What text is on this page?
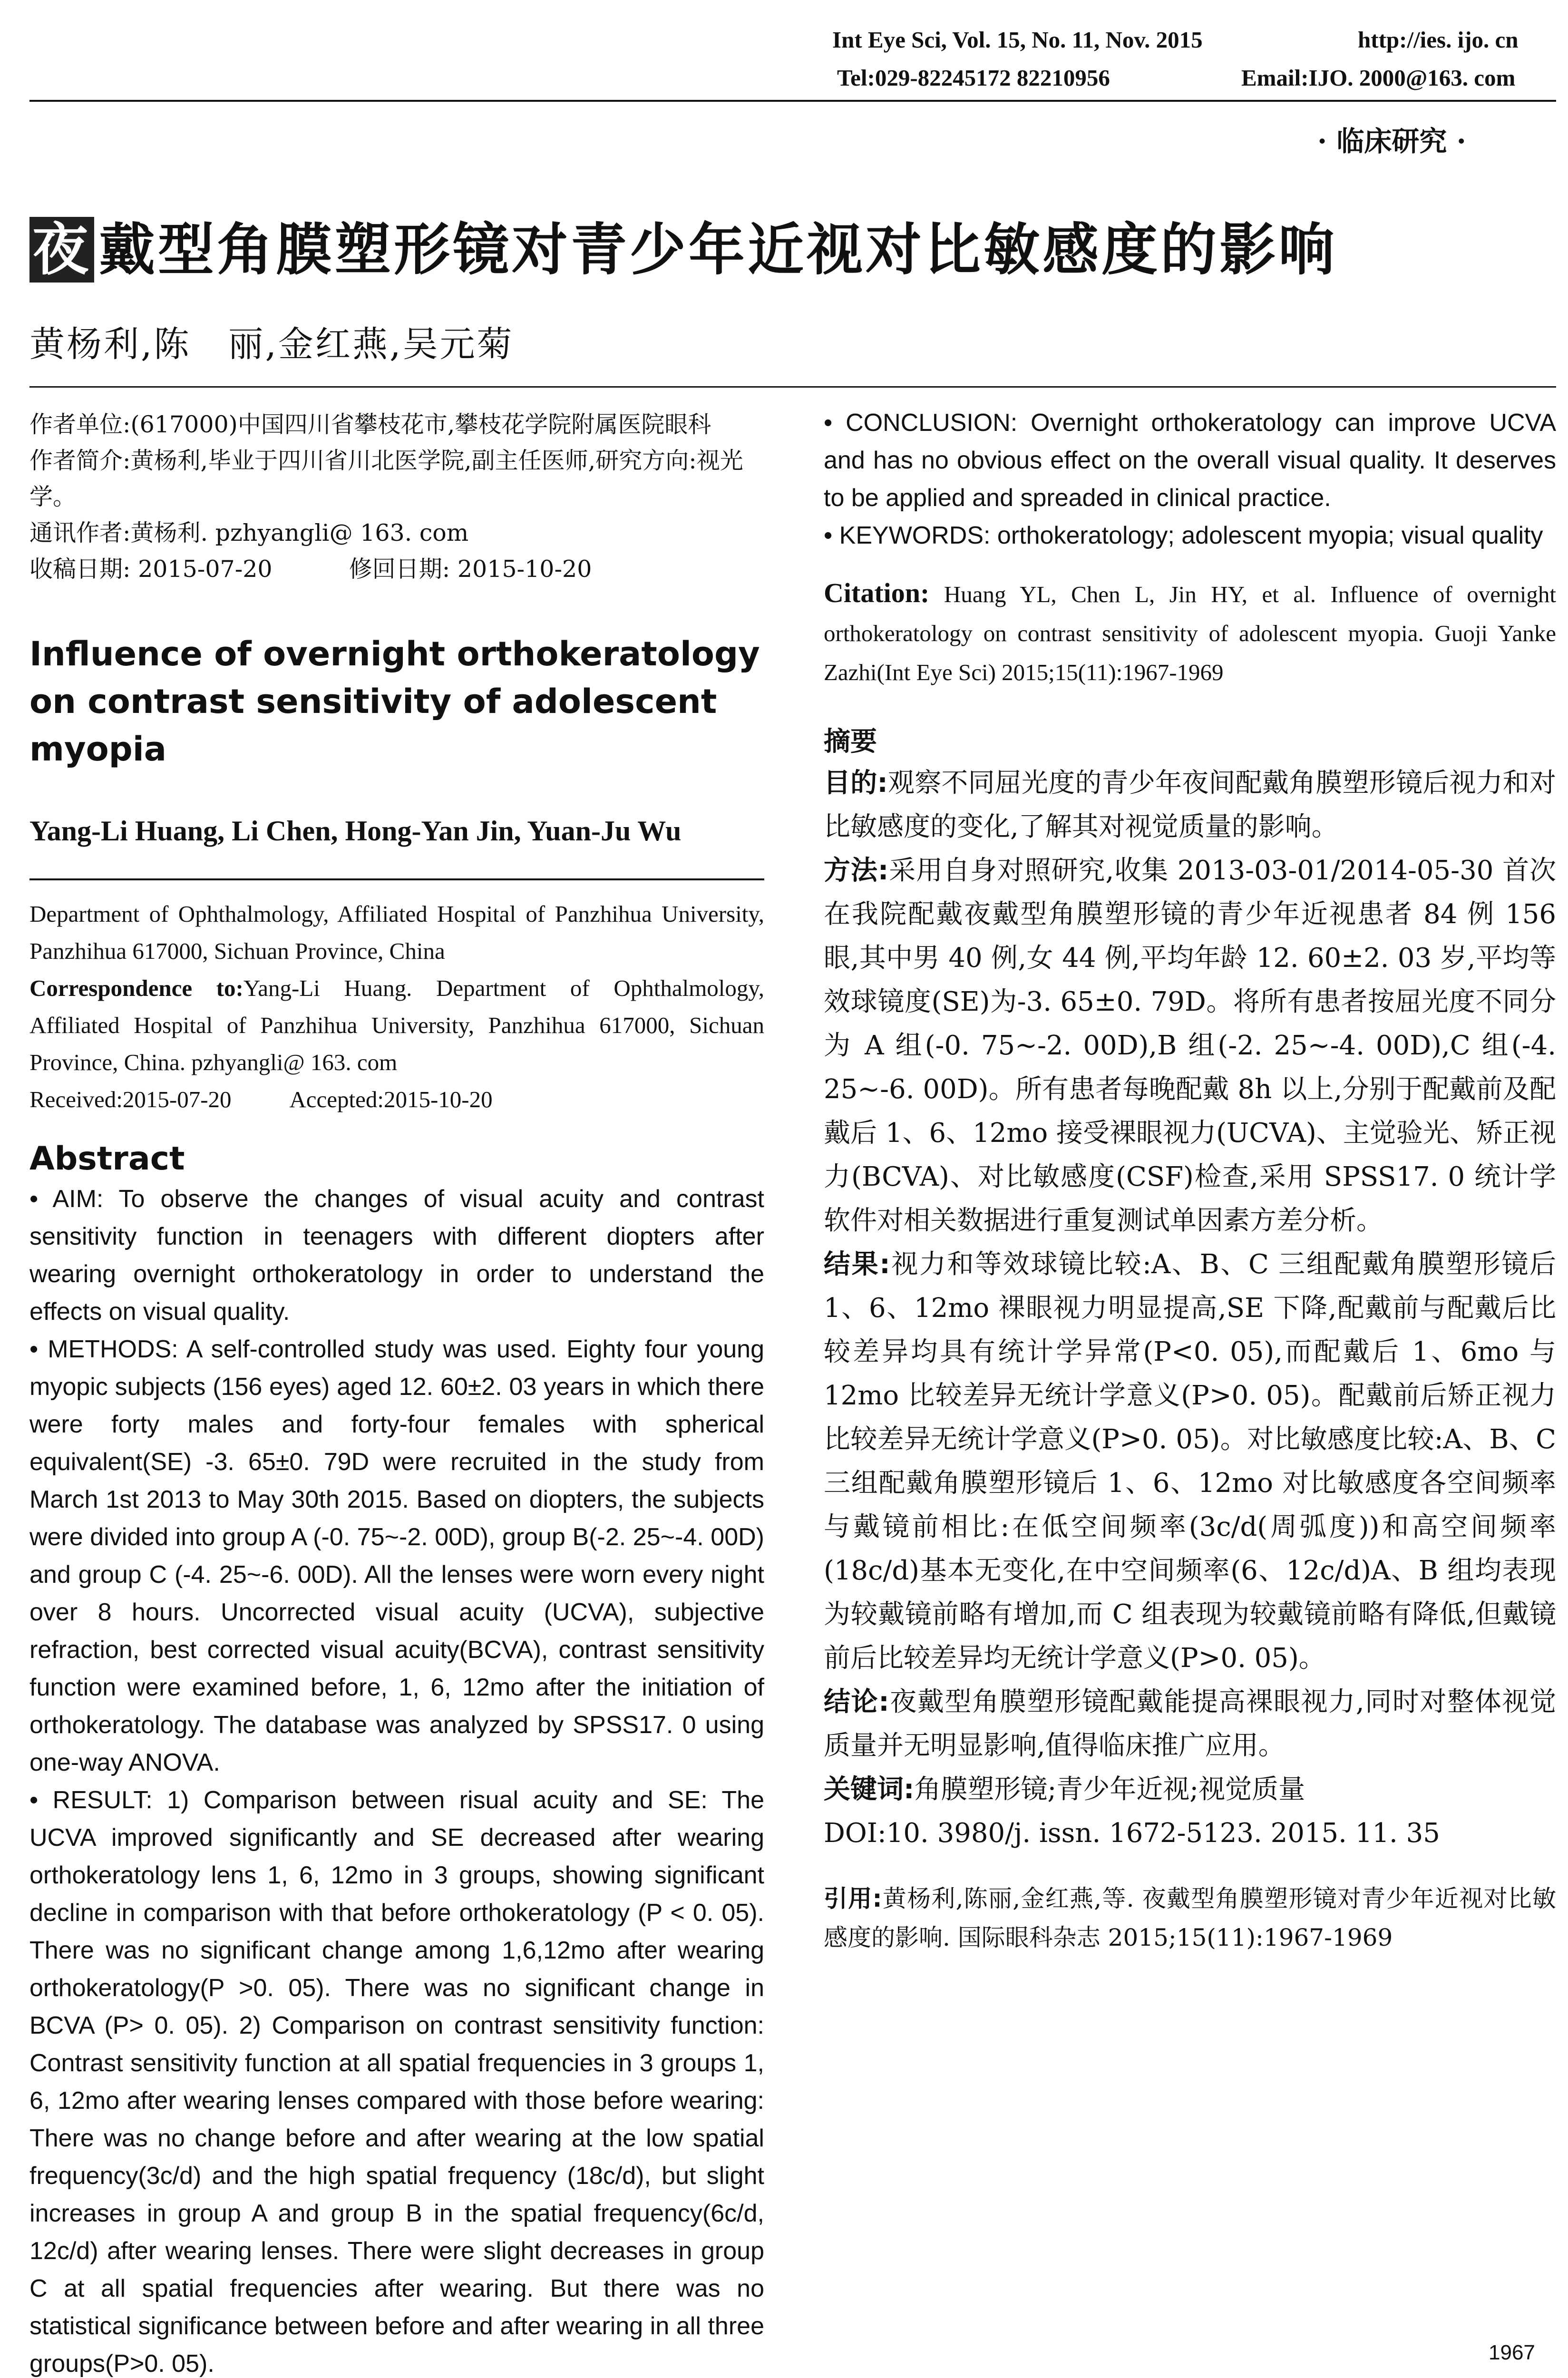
Int Eye Sci, Vol. 15, No. 11, Nov. 2015	http://ies. ijo. cn
Tel:029-82245172 82210956	Email:IJO. 2000@163. com
· 临床研究 ·
夜 戴型角膜塑形镜对青少年近视对比敏感度的影响
黄杨利,陈　丽,金红燕,吴元菊
作者单位:(617000)中国四川省攀枝花市,攀枝花学院附属医院眼科
作者简介:黄杨利,毕业于四川省川北医学院,副主任医师,研究方向:视光学。
通讯作者:黄杨利. pzhyangli@ 163. com
收稿日期: 2015-07-20	修回日期: 2015-10-20
Influence of overnight orthokeratology on contrast sensitivity of adolescent myopia
Yang-Li Huang, Li Chen, Hong-Yan Jin, Yuan-Ju Wu
Department of Ophthalmology, Affiliated Hospital of Panzhihua University, Panzhihua 617000, Sichuan Province, China
Correspondence to:Yang-Li Huang. Department of Ophthalmology, Affiliated Hospital of Panzhihua University, Panzhihua 617000, Sichuan Province, China. pzhyangli@ 163. com
Received:2015-07-20 Accepted:2015-10-20
Abstract

• AIM: To observe the changes of visual acuity and contrast sensitivity function in teenagers with different diopters after wearing overnight orthokeratology in order to understand the effects on visual quality.

• METHODS: A self-controlled study was used. Eighty four young myopic subjects (156 eyes) aged 12. 60±2. 03 years in which there were forty males and forty-four females with spherical equivalent(SE) -3. 65±0. 79D were recruited in the study from March 1st 2013 to May 30th 2015. Based on diopters, the subjects were divided into group A (-0. 75~-2. 00D), group B(-2. 25~-4. 00D) and group C (-4. 25~-6. 00D). All the lenses were worn every night over 8 hours. Uncorrected visual acuity (UCVA), subjective refraction, best corrected visual acuity(BCVA), contrast sensitivity function were examined before, 1, 6, 12mo after the initiation of orthokeratology. The database was analyzed by SPSS17. 0 using one-way ANOVA.

• RESULT: 1) Comparison between risual acuity and SE: The UCVA improved significantly and SE decreased after wearing orthokeratology lens 1, 6, 12mo in 3 groups, showing significant decline in comparison with that before orthokeratology (P < 0. 05). There was no significant change among 1,6,12mo after wearing orthokeratology(P >0. 05). There was no significant change in BCVA (P> 0. 05). 2) Comparison on contrast sensitivity function: Contrast sensitivity function at all spatial frequencies in 3 groups 1, 6, 12mo after wearing lenses compared with those before wearing: There was no change before and after wearing at the low spatial frequency(3c/d) and the high spatial frequency (18c/d), but slight increases in group A and group B in the spatial frequency(6c/d, 12c/d) after wearing lenses. There were slight decreases in group C at all spatial frequencies after wearing. But there was no statistical significance between before and after wearing in all three groups(P>0. 05).

• CONCLUSION: Overnight orthokeratology can improve UCVA and has no obvious effect on the overall visual quality. It deserves to be applied and spreaded in clinical practice.

• KEYWORDS: orthokeratology; adolescent myopia; visual quality

Citation: Huang YL, Chen L, Jin HY, et al. Influence of overnight orthokeratology on contrast sensitivity of adolescent myopia. Guoji Yanke Zazhi(Int Eye Sci) 2015;15(11):1967-1969
摘要

目的:观察不同屈光度的青少年夜间配戴角膜塑形镜后视力和对比敏感度的变化,了解其对视觉质量的影响。

方法:采用自身对照研究,收集 2013-03-01/2014-05-30 首次在我院配戴夜戴型角膜塑形镜的青少年近视患者 84 例 156 眼,其中男 40 例,女 44 例,平均年龄 12. 60±2. 03 岁,平均等效球镜度(SE)为-3. 65±0. 79D。将所有患者按屈光度不同分为 A 组(-0. 75~-2. 00D),B 组(-2. 25~-4. 00D),C 组(-4. 25~-6. 00D)。所有患者每晚配戴 8h 以上,分别于配戴前及配戴后 1、6、12mo 接受裸眼视力(UCVA)、主觉验光、矫正视力(BCVA)、对比敏感度(CSF)检查,采用 SPSS17. 0 统计学软件对相关数据进行重复测试单因素方差分析。

结果:视力和等效球镜比较:A、B、C 三组配戴角膜塑形镜后 1、6、12mo 裸眼视力明显提高,SE 下降,配戴前与配戴后比较差异均具有统计学异常(P<0. 05),而配戴后 1、6mo 与 12mo 比较差异无统计学意义(P>0. 05)。配戴前后矫正视力比较差异无统计学意义(P>0. 05)。对比敏感度比较:A、B、C 三组配戴角膜塑形镜后 1、6、12mo 对比敏感度各空间频率与戴镜前相比:在低空间频率(3c/d(周弧度))和高空间频率(18c/d)基本无变化,在中空间频率(6、12c/d)A、B 组均表现为较戴镜前略有增加,而 C 组表现为较戴镜前略有降低,但戴镜前后比较差异均无统计学意义(P>0. 05)。

结论:夜戴型角膜塑形镜配戴能提高裸眼视力,同时对整体视觉质量并无明显影响,值得临床推广应用。

关键词:角膜塑形镜;青少年近视;视觉质量

DOI:10. 3980/j. issn. 1672-5123. 2015. 11. 35

引用:黄杨利,陈丽,金红燕,等. 夜戴型角膜塑形镜对青少年近视对比敏感度的影响. 国际眼科杂志 2015;15(11):1967-1969

1967
